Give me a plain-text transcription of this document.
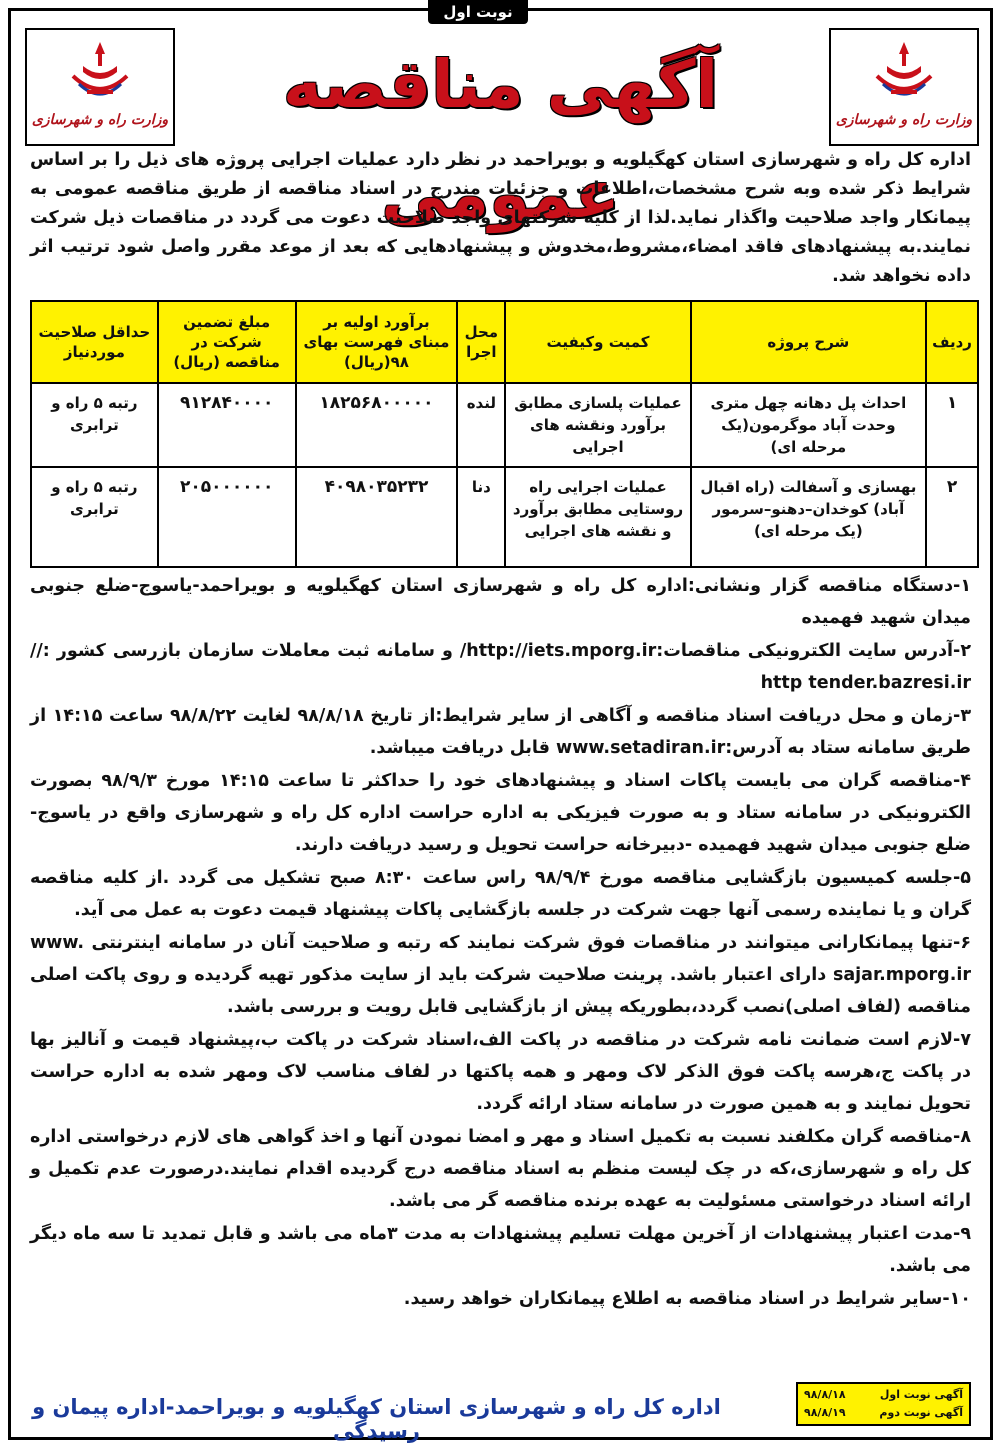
نوبت اول
وزارت راه و شهرسازی
وزارت راه و شهرسازی	آگهی مناقصه عمومی

اداره کل راه و شهرسازی استان کهگیلویه و بویراحمد در نظر دارد عملیات اجرایی پروژه های ذیل را بر اساس شرایط ذکر شده وبه شرح مشخصات،اطلاعات و جزئیات مندرج در اسناد مناقصه از طریق مناقصه عمومی به پیمانکار واجد صلاحیت واگذار نماید.لذا از کلیه شرکتهای واجد صلاحیت دعوت می گردد در مناقصات ذیل شرکت نمایند.به پیشنهادهای فاقد امضاء،مشروط،مخدوش و پیشنهادهایی که بعد از موعد مقرر واصل شود ترتیب اثر داده نخواهد شد.

ردیف	شرح پروژه	کمیت وکیفیت	محل اجرا	برآورد اولیه بر مبنای فهرست بهای ۹۸(ریال)	مبلغ تضمین شرکت در مناقصه (ریال)	حداقل صلاحیت موردنیاز
۱	احداث پل دهانه چهل متری وحدت آباد موگرمون(یک مرحله ای)	عملیات پلسازی مطابق برآورد ونقشه های اجرایی	لنده	۱۸۲۵۶۸۰۰۰۰۰	۹۱۲۸۴۰۰۰۰	رتبه ۵ راه و ترابری
۲	بهسازی و آسفالت (راه اقبال آباد) کوخدان–دهنو–سرمور (یک مرحله ای)	عملیات اجرایی راه روستایی مطابق برآورد و نقشه های اجرایی	دنا	۴۰۹۸۰۳۵۲۳۲	۲۰۵۰۰۰۰۰۰	رتبه ۵ راه و ترابری

۱-دستگاه مناقصه گزار ونشانی:اداره کل راه و شهرسازی استان کهگیلویه و بویراحمد-یاسوج-ضلع جنوبی میدان شهید فهمیده

۲-آدرس سایت الکترونیکی مناقصات:http://iets.mporg.ir/ و سامانه ثبت معاملات سازمان بازرسی کشور :// http tender.bazresi.ir

۳-زمان و محل دریافت اسناد مناقصه و آگاهی از سایر شرایط:از تاریخ ۹۸/۸/۱۸ لغایت ۹۸/۸/۲۲ ساعت ۱۴:۱۵ از طریق سامانه ستاد به آدرس:www.setadiran.ir قابل دریافت میباشد.

۴-مناقصه گران می بایست پاکات اسناد و پیشنهادهای خود را حداکثر تا ساعت ۱۴:۱۵ مورخ ۹۸/۹/۳ بصورت الکترونیکی در سامانه ستاد و به صورت فیزیکی به اداره حراست اداره کل راه و شهرسازی واقع در یاسوج-ضلع جنوبی میدان شهید فهمیده -دبیرخانه حراست تحویل و رسید دریافت دارند.

۵-جلسه کمیسیون بازگشایی مناقصه مورخ ۹۸/۹/۴ راس ساعت ۸:۳۰ صبح تشکیل می گردد .از کلیه مناقصه گران و یا نماینده رسمی آنها جهت شرکت در جلسه بازگشایی پاکات پیشنهاد قیمت دعوت به عمل می آید.

۶-تنها پیمانکارانی میتوانند در مناقصات فوق شرکت نمایند که رتبه و صلاحیت آنان در سامانه اینترنتی www. sajar.mporg.ir دارای اعتبار باشد. پرینت صلاحیت شرکت باید از سایت مذکور تهیه گردیده و روی پاکت اصلی مناقصه (لفاف اصلی)نصب گردد،بطوریکه پیش از بازگشایی قابل رویت و بررسی باشد.

۷-لازم است ضمانت نامه شرکت در مناقصه در پاکت الف،اسناد شرکت در پاکت ب،پیشنهاد قیمت و آنالیز بها در پاکت ج،هرسه پاکت فوق الذکر لاک ومهر و همه پاکتها در لفاف مناسب لاک ومهر شده به اداره حراست تحویل نمایند و به همین صورت در سامانه ستاد ارائه گردد.

۸-مناقصه گران مکلفند نسبت به تکمیل اسناد و مهر و امضا نمودن آنها و اخذ گواهی های لازم درخواستی اداره کل راه و شهرسازی،که در چک لیست منظم به اسناد مناقصه درج گردیده اقدام نمایند.درصورت عدم تکمیل و ارائه اسناد درخواستی مسئولیت به عهده برنده مناقصه گر می باشد.

۹-مدت اعتبار پیشنهادات از آخرین مهلت تسلیم پیشنهادات به مدت ۳ماه می باشد و قابل تمدید تا سه ماه دیگر می باشد.

۱۰-سایر شرایط در اسناد مناقصه به اطلاع پیمانکاران خواهد رسید.

آگهی نوبت اول
۹۸/۸/۱۸
آگهی نوبت دوم
۹۸/۸/۱۹
اداره کل راه و شهرسازی استان کهگیلویه و بویراحمد-اداره پیمان و رسیدگی
